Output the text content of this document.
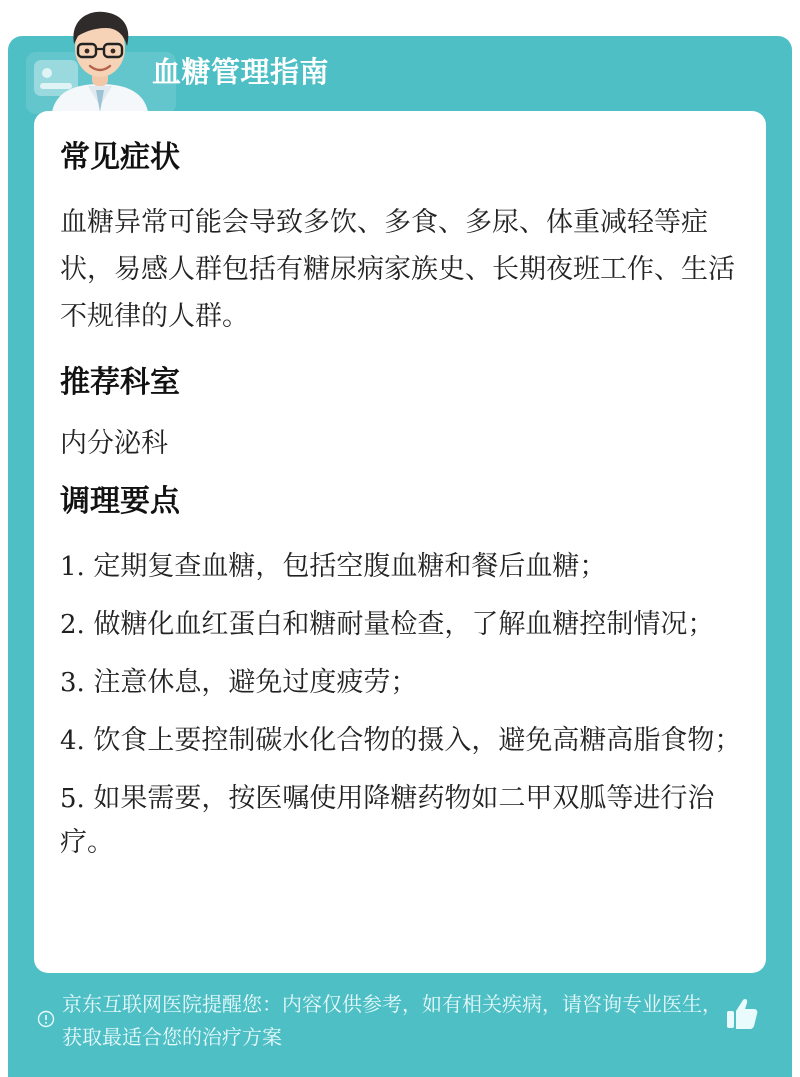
血糖管理指南
常见症状

血糖异常可能会导致多饮、多食、多尿、体重减轻等症状，易感人群包括有糖尿病家族史、长期夜班工作、生活不规律的人群。

推荐科室

内分泌科

调理要点
1. 定期复查血糖，包括空腹血糖和餐后血糖；
2. 做糖化血红蛋白和糖耐量检查，了解血糖控制情况；
3. 注意休息，避免过度疲劳；
4. 饮食上要控制碳水化合物的摄入，避免高糖高脂食物；
5. 如果需要，按医嘱使用降糖药物如二甲双胍等进行治疗。
京东互联网医院提醒您：内容仅供参考，如有相关疾病，请咨询专业医生，获取最适合您的治疗方案
